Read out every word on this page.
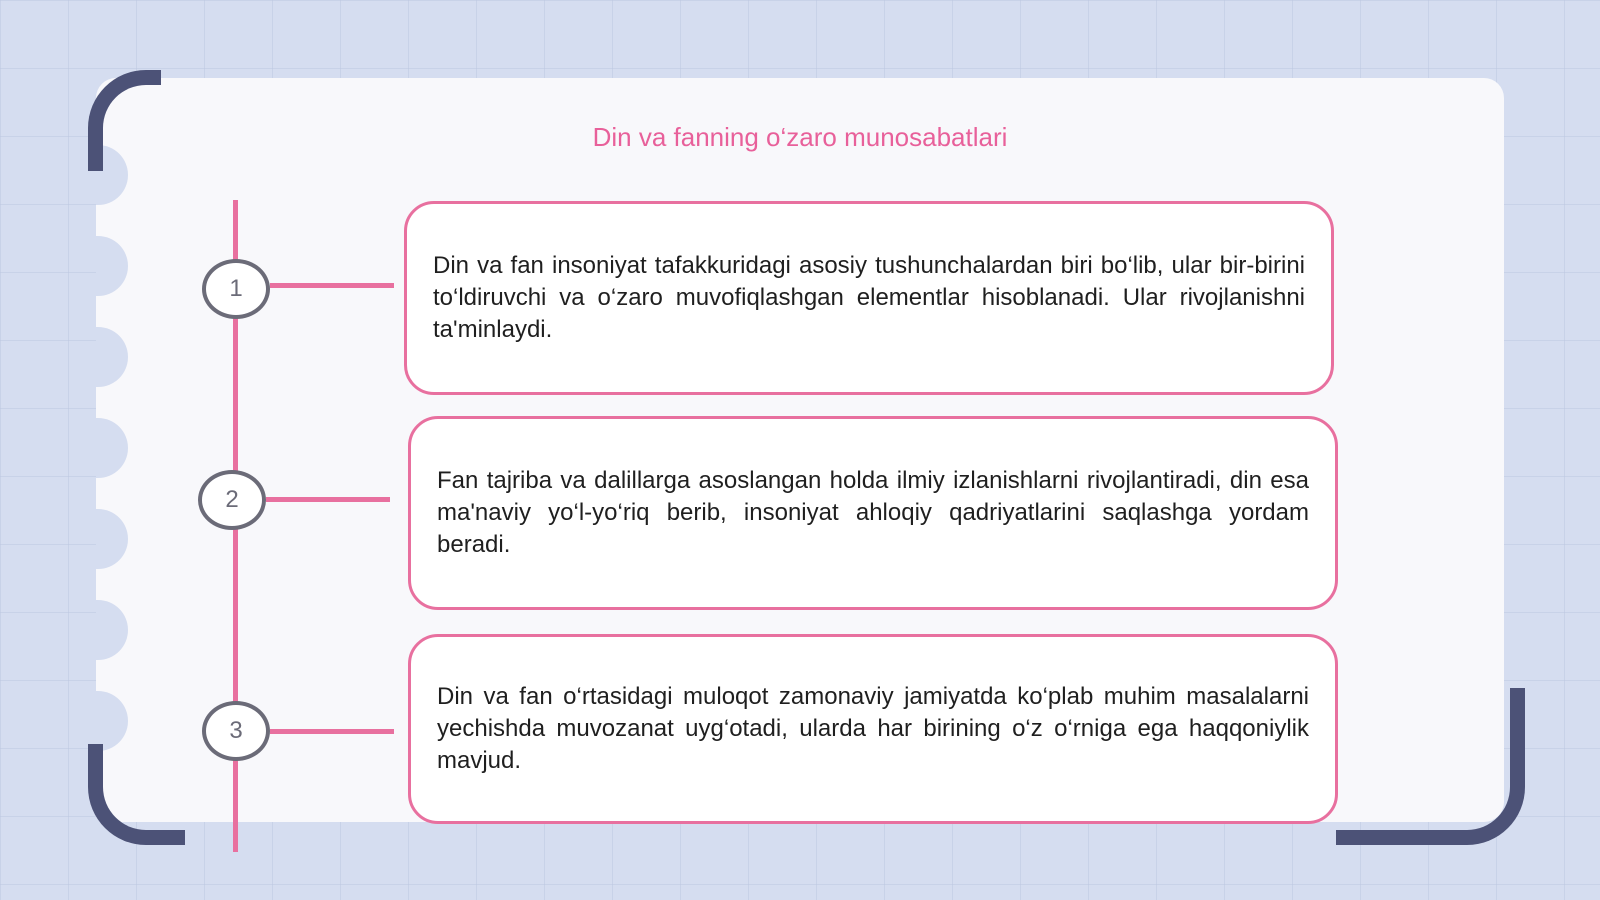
Din va fanning o‘zaro munosabatlari
1
2
3

Din va fan insoniyat tafakkuridagi asosiy tushunchalardan biri bo‘lib, ular bir-birini to‘ldiruvchi va o‘zaro muvofiqlashgan elementlar hisoblanadi. Ular rivojlanishni ta'minlaydi.

Fan tajriba va dalillarga asoslangan holda ilmiy izlanishlarni rivojlantiradi, din esa ma'naviy yo‘l-yo‘riq berib, insoniyat ahloqiy qadriyatlarini saqlashga yordam beradi.

Din va fan o‘rtasidagi muloqot zamonaviy jamiyatda ko‘plab muhim masalalarni yechishda muvozanat uyg‘otadi, ularda har birining o‘z o‘rniga ega haqqoniylik mavjud.
